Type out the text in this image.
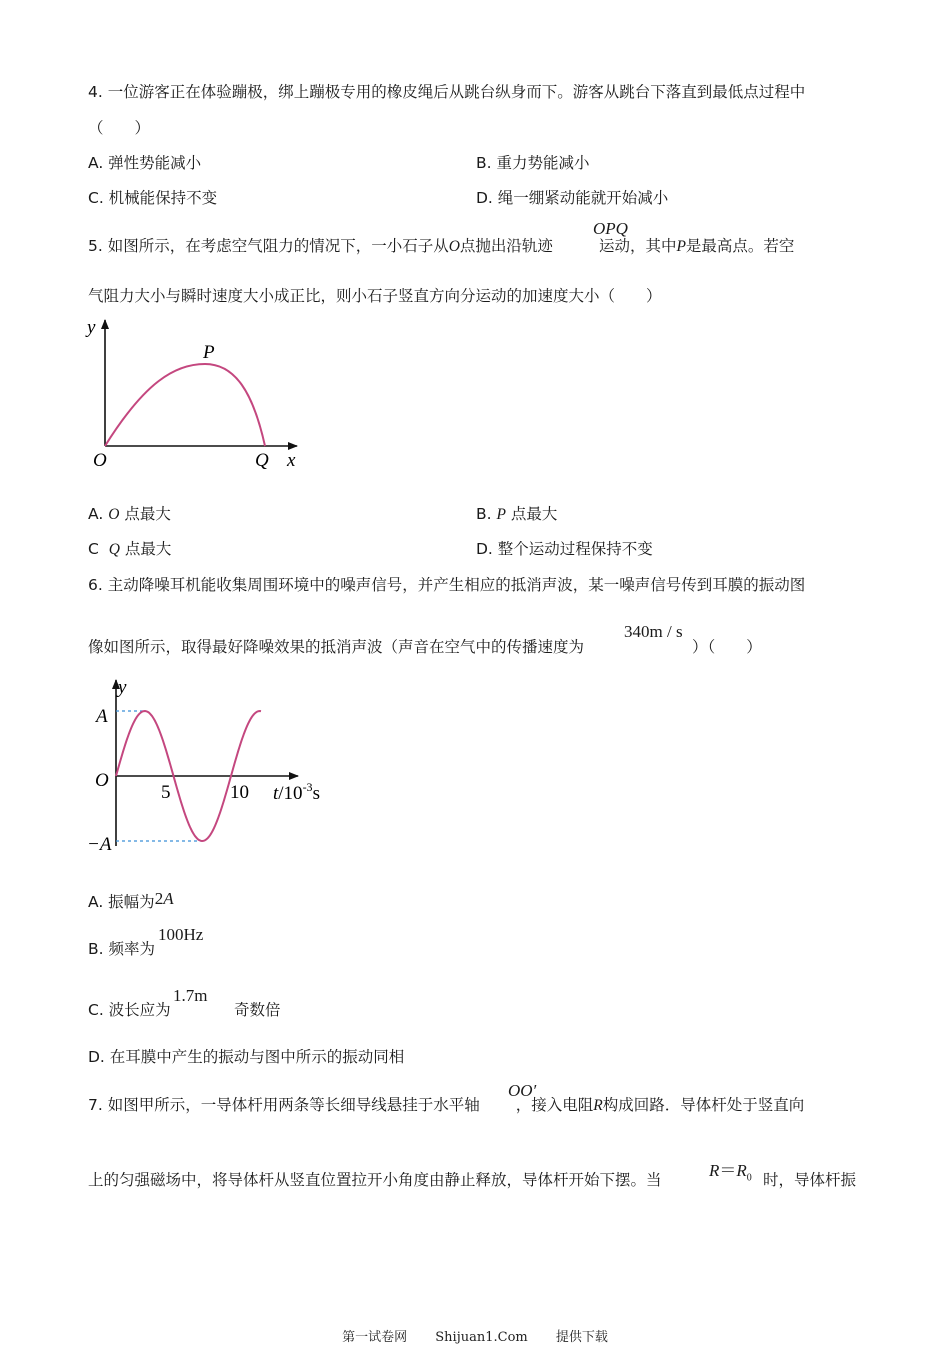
4. 一位游客正在体验蹦极，绑上蹦极专用的橡皮绳后从跳台纵身而下。游客从跳台下落直到最低点过程中
（　　）
A. 弹性势能减小	B. 重力势能减小
C. 机械能保持不变	D. 绳一绷紧动能就开始减小
5. 如图所示，在考虑空气阻力的情况下，一小石子从O点抛出沿轨迹	运动，其中P是最高点。若空
OPQ
气阻力大小与瞬时速度大小成正比，则小石子竖直方向分运动的加速度大小（　　）
y
P
O	Q x
A. O 点最大	B. P 点最大
C Q 点最大	D. 整个运动过程保持不变
6. 主动降噪耳机能收集周围环境中的噪声信号，并产生相应的抵消声波，某一噪声信号传到耳膜的振动图
像如图所示，取得最好降噪效果的抵消声波（声音在空气中的传播速度为
340m / s
）（　　）
y
A
O
5	10 $t/10^{-3}s$
−A
A. 振幅为2A
B. 频率为
100Hz
C. 波长应为
1.7m
奇数倍
D. 在耳膜中产生的振动与图中所示的振动同相
7. 如图甲所示，一导体杆用两条等长细导线悬挂于水平轴 ，接入电阻R构成回路．导体杆处于竖直向
OO′
上的匀强磁场中，将导体杆从竖直位置拉开小角度由静止释放，导体杆开始下摆。当	$R=R_0$ 时，导体杆振
第一试卷网 Shijuan1.Com 提供下载
